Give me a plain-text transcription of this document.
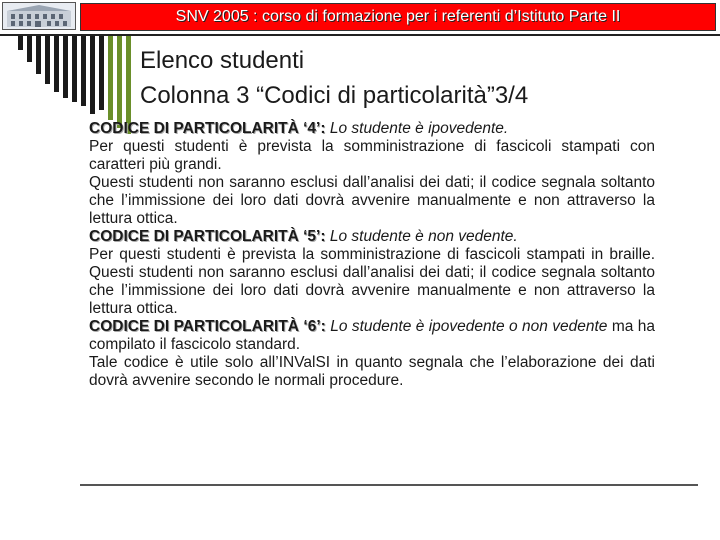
SNV 2005 : corso di formazione per i referenti d’Istituto Parte II
Elenco studenti
Colonna 3 “Codici di particolarità”3/4

CODICE DI PARTICOLARITÀ ‘4’: Lo studente è ipovedente.

Per questi studenti è prevista la somministrazione di fascicoli stampati con caratteri più grandi.

Questi studenti non saranno esclusi dall’analisi dei dati; il codice segnala soltanto che l’immissione dei loro dati dovrà avvenire manualmente e non attraverso la lettura ottica.

CODICE DI PARTICOLARITÀ ‘5’: Lo studente è non vedente.

Per questi studenti è prevista la somministrazione di fascicoli stampati in braille. Questi studenti non saranno esclusi dall’analisi dei dati; il codice segnala soltanto che l’immissione dei loro dati dovrà avvenire manualmente e non attraverso la lettura ottica.

CODICE DI PARTICOLARITÀ ‘6’: Lo studente è ipovedente o non vedente ma ha compilato il fascicolo standard.

Tale codice è utile solo all’INValSI in quanto segnala che l’elaborazione dei dati dovrà avvenire secondo le normali procedure.
